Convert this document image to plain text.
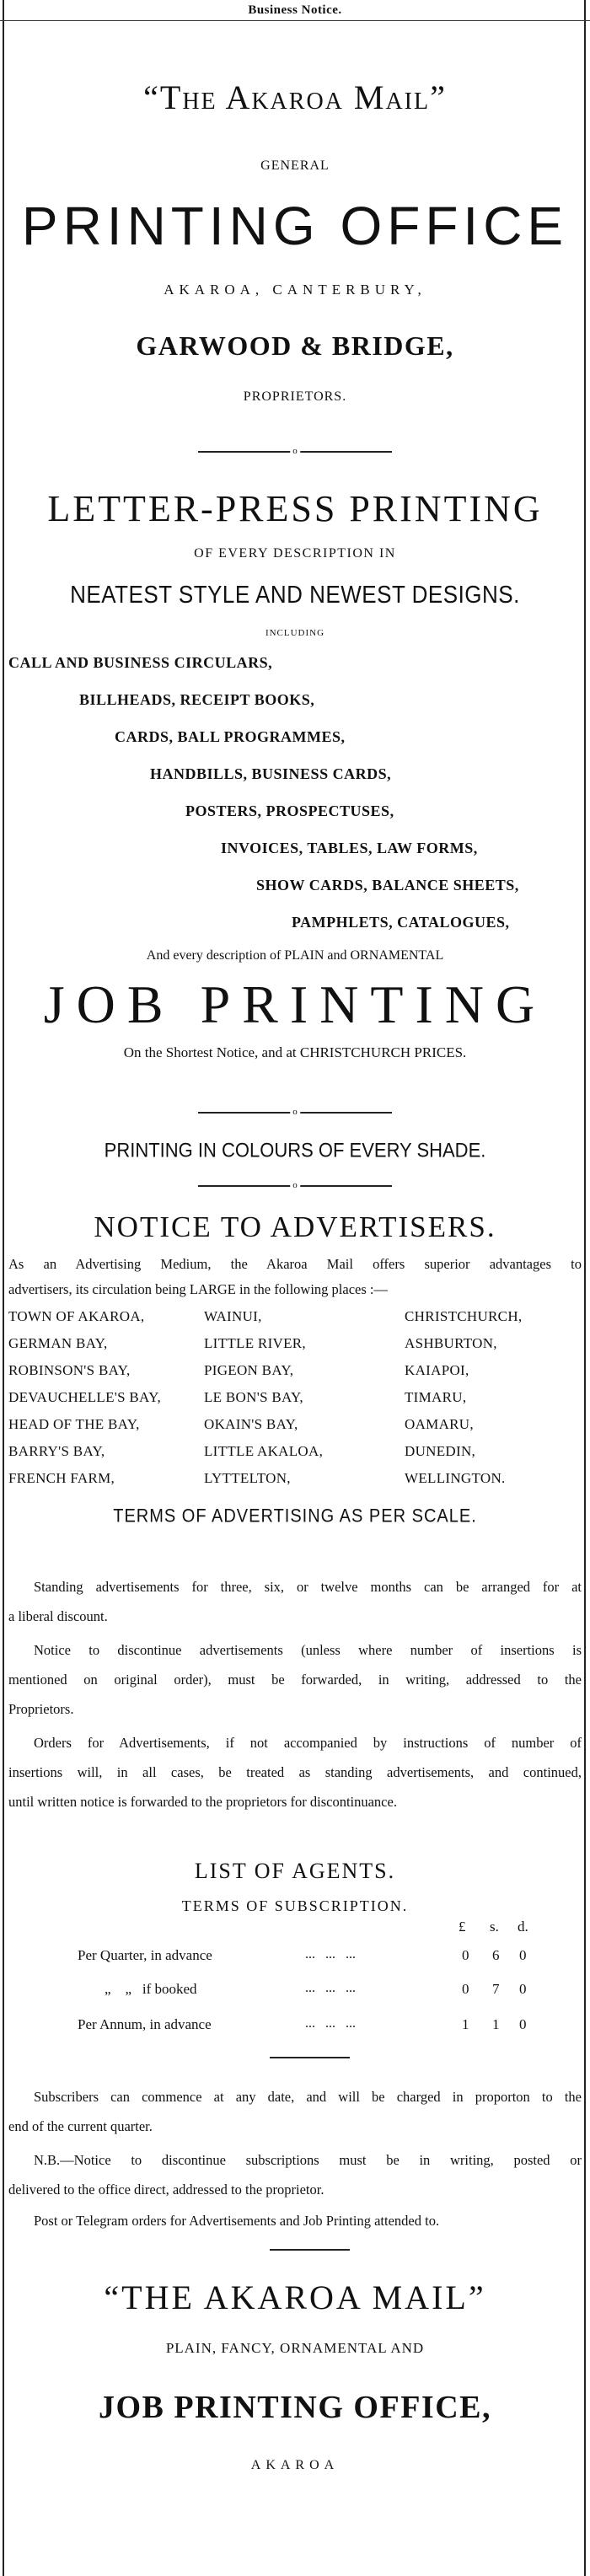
Business Notice.
“The Akaroa Mail”
GENERAL
PRINTING OFFICE
AKAROA, CANTERBURY,
GARWOOD & BRIDGE,
PROPRIETORS.
o
LETTER-PRESS PRINTING
OF EVERY DESCRIPTION IN
NEATEST STYLE AND NEWEST DESIGNS.
INCLUDING
CALL AND BUSINESS CIRCULARS,
BILLHEADS, RECEIPT BOOKS,
CARDS, BALL PROGRAMMES,
HANDBILLS, BUSINESS CARDS,
POSTERS, PROSPECTUSES,
INVOICES, TABLES, LAW FORMS,
SHOW CARDS, BALANCE SHEETS,
PAMPHLETS, CATALOGUES,
And every description of PLAIN and ORNAMENTAL
JOB PRINTING
On the Shortest Notice, and at CHRISTCHURCH PRICES.
o
PRINTING IN COLOURS OF EVERY SHADE.
o
NOTICE TO ADVERTISERS.
As an Advertising Medium, the Akaroa Mail offers superior advantages to
advertisers, its circulation being LARGE in the following places :—
TOWN OF AKAROA,	WAINUI,	CHRISTCHURCH,
GERMAN BAY,	LITTLE RIVER,	ASHBURTON,
ROBINSON'S BAY,	PIGEON BAY,	KAIAPOI,
DEVAUCHELLE'S BAY,	LE BON'S BAY,	TIMARU,
HEAD OF THE BAY,	OKAIN'S BAY,	OAMARU,
BARRY'S BAY,	LITTLE AKALOA,	DUNEDIN,
FRENCH FARM,	LYTTELTON,	WELLINGTON.
TERMS OF ADVERTISING AS PER SCALE.
Standing advertisements for three, six, or twelve months can be arranged for at
a liberal discount.
Notice to discontinue advertisements (unless where number of insertions is
mentioned on original order), must be forwarded, in writing, addressed to the
Proprietors.
Orders for Advertisements, if not accompanied by instructions of number of
insertions will, in all cases, be treated as standing advertisements, and continued,
until written notice is forwarded to the proprietors for discontinuance.
LIST OF AGENTS.
TERMS OF SUBSCRIPTION.
£ s. d.
Per Quarter, in advance	...   ...   ...	0 6 0
„    „   if booked	...   ...   ...	0 7 0
Per Annum, in advance	...   ...   ...	1 1 0
Subscribers can commence at any date, and will be charged in proporton to the
end of the current quarter.
N.B.—Notice to discontinue subscriptions must be in writing, posted or
delivered to the office direct, addressed to the proprietor.
Post or Telegram orders for Advertisements and Job Printing attended to.
“THE AKAROA MAIL”
PLAIN, FANCY, ORNAMENTAL AND
JOB PRINTING OFFICE,
AKAROA
